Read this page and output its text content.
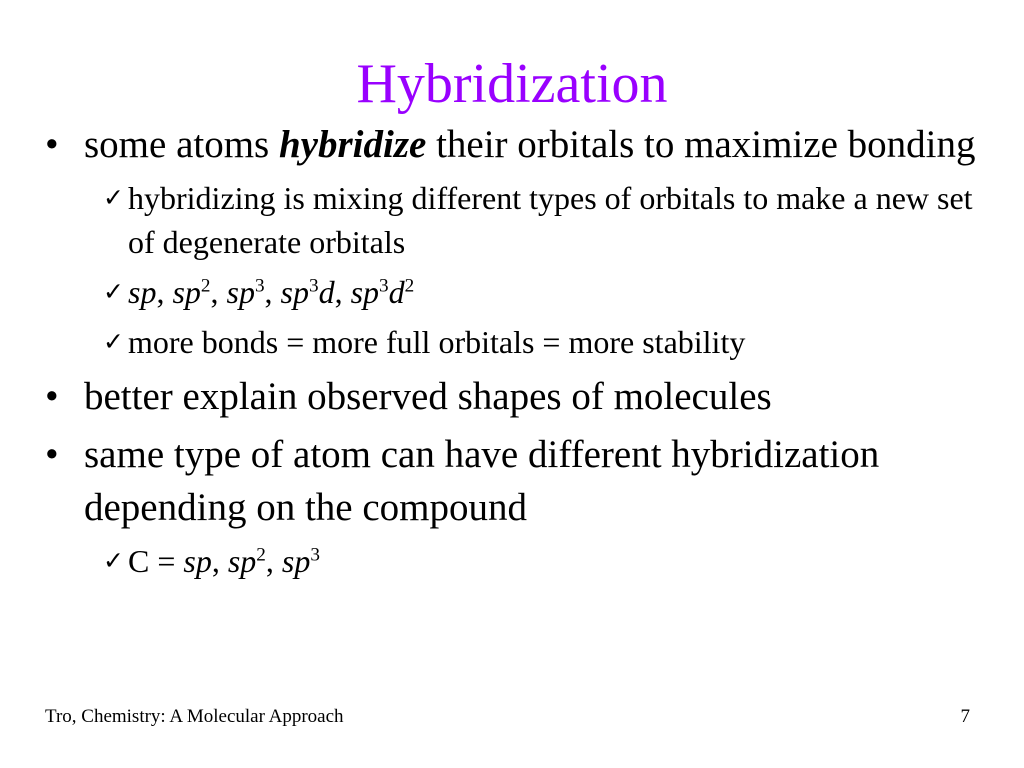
Hybridization
• some atoms hybridize their orbitals to maximize bonding
✓ hybridizing is mixing different types of orbitals to make a new set of degenerate orbitals
✓ sp, $sp^2$, $sp^3$, $sp^3d$, $sp^3d^2$
✓ more bonds = more full orbitals = more stability
• better explain observed shapes of molecules
• same type of atom can have different hybridization depending on the compound
✓ C = sp, $sp^2$, $sp^3$
Tro, Chemistry: A Molecular Approach	7
